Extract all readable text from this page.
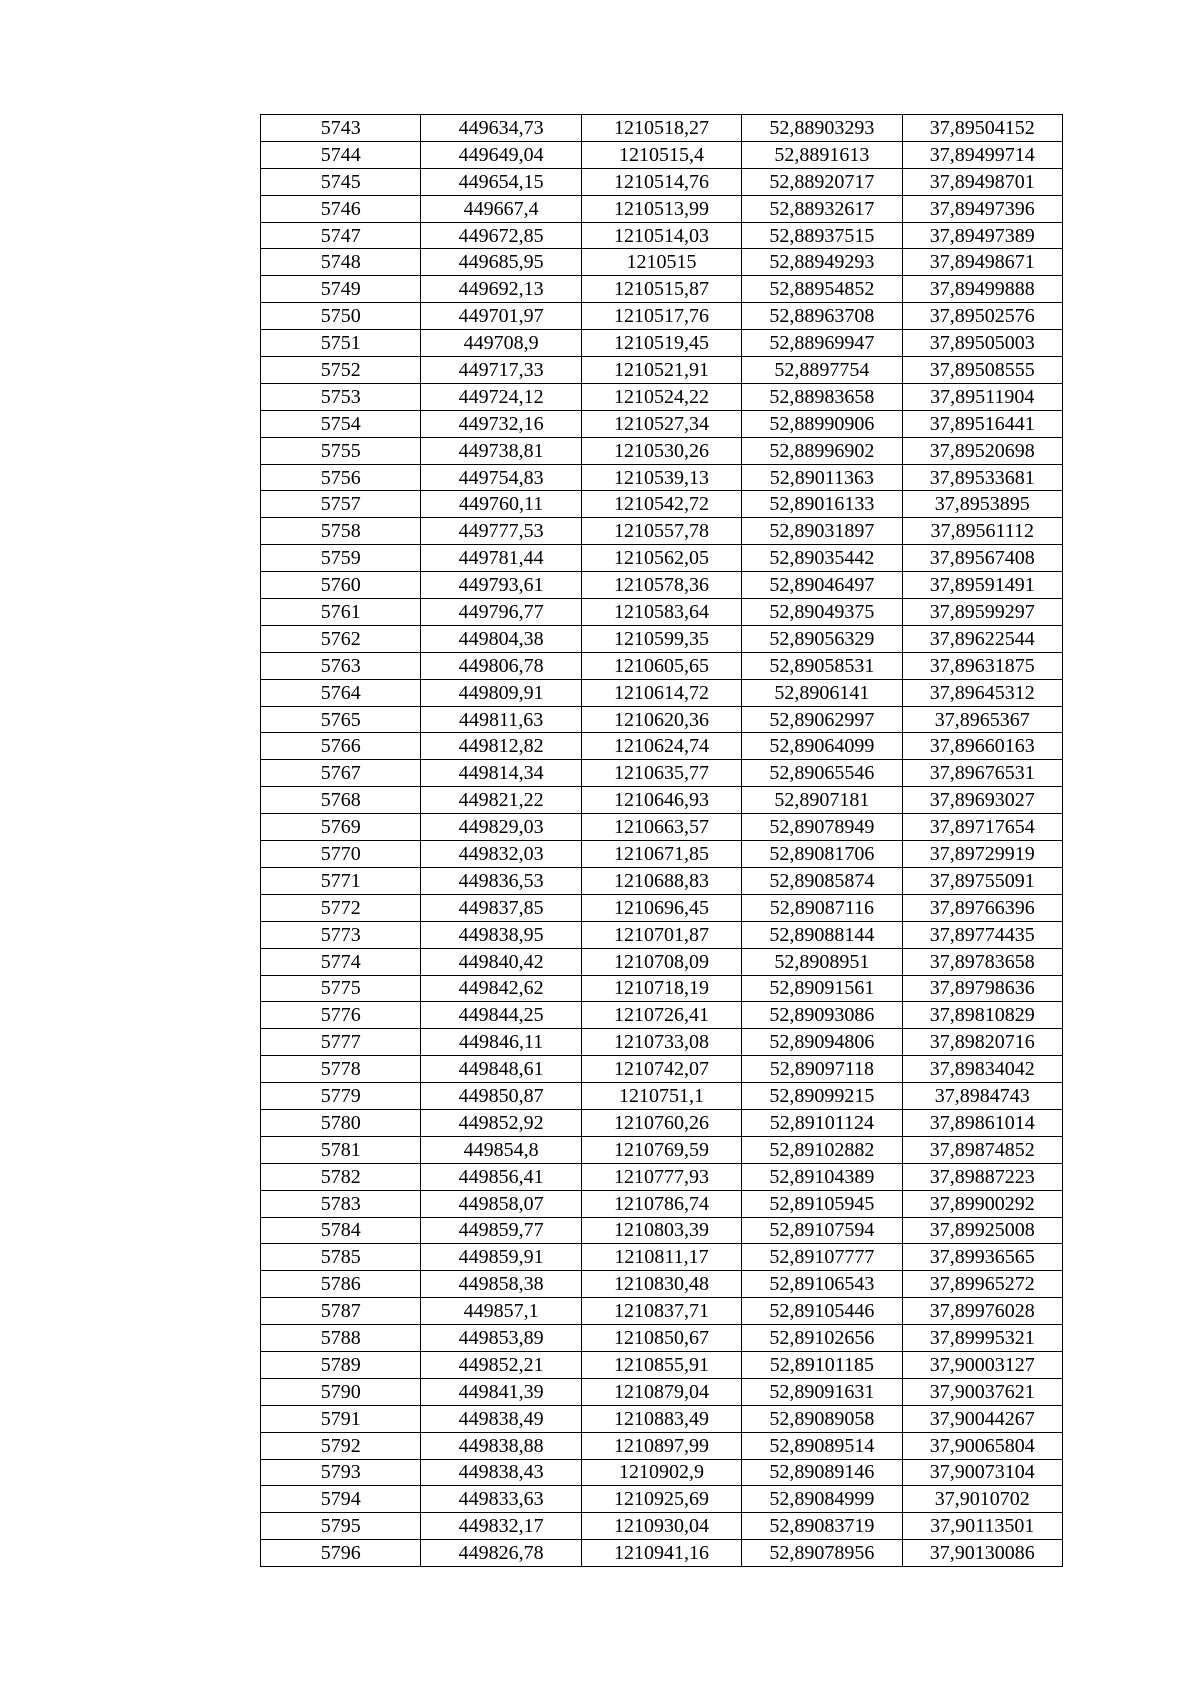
5743	449634,73	1210518,27	52,88903293	37,89504152
5744	449649,04	1210515,4	52,8891613	37,89499714
5745	449654,15	1210514,76	52,88920717	37,89498701
5746	449667,4	1210513,99	52,88932617	37,89497396
5747	449672,85	1210514,03	52,88937515	37,89497389
5748	449685,95	1210515	52,88949293	37,89498671
5749	449692,13	1210515,87	52,88954852	37,89499888
5750	449701,97	1210517,76	52,88963708	37,89502576
5751	449708,9	1210519,45	52,88969947	37,89505003
5752	449717,33	1210521,91	52,8897754	37,89508555
5753	449724,12	1210524,22	52,88983658	37,89511904
5754	449732,16	1210527,34	52,88990906	37,89516441
5755	449738,81	1210530,26	52,88996902	37,89520698
5756	449754,83	1210539,13	52,89011363	37,89533681
5757	449760,11	1210542,72	52,89016133	37,8953895
5758	449777,53	1210557,78	52,89031897	37,89561112
5759	449781,44	1210562,05	52,89035442	37,89567408
5760	449793,61	1210578,36	52,89046497	37,89591491
5761	449796,77	1210583,64	52,89049375	37,89599297
5762	449804,38	1210599,35	52,89056329	37,89622544
5763	449806,78	1210605,65	52,89058531	37,89631875
5764	449809,91	1210614,72	52,8906141	37,89645312
5765	449811,63	1210620,36	52,89062997	37,8965367
5766	449812,82	1210624,74	52,89064099	37,89660163
5767	449814,34	1210635,77	52,89065546	37,89676531
5768	449821,22	1210646,93	52,8907181	37,89693027
5769	449829,03	1210663,57	52,89078949	37,89717654
5770	449832,03	1210671,85	52,89081706	37,89729919
5771	449836,53	1210688,83	52,89085874	37,89755091
5772	449837,85	1210696,45	52,89087116	37,89766396
5773	449838,95	1210701,87	52,89088144	37,89774435
5774	449840,42	1210708,09	52,8908951	37,89783658
5775	449842,62	1210718,19	52,89091561	37,89798636
5776	449844,25	1210726,41	52,89093086	37,89810829
5777	449846,11	1210733,08	52,89094806	37,89820716
5778	449848,61	1210742,07	52,89097118	37,89834042
5779	449850,87	1210751,1	52,89099215	37,8984743
5780	449852,92	1210760,26	52,89101124	37,89861014
5781	449854,8	1210769,59	52,89102882	37,89874852
5782	449856,41	1210777,93	52,89104389	37,89887223
5783	449858,07	1210786,74	52,89105945	37,89900292
5784	449859,77	1210803,39	52,89107594	37,89925008
5785	449859,91	1210811,17	52,89107777	37,89936565
5786	449858,38	1210830,48	52,89106543	37,89965272
5787	449857,1	1210837,71	52,89105446	37,89976028
5788	449853,89	1210850,67	52,89102656	37,89995321
5789	449852,21	1210855,91	52,89101185	37,90003127
5790	449841,39	1210879,04	52,89091631	37,90037621
5791	449838,49	1210883,49	52,89089058	37,90044267
5792	449838,88	1210897,99	52,89089514	37,90065804
5793	449838,43	1210902,9	52,89089146	37,90073104
5794	449833,63	1210925,69	52,89084999	37,9010702
5795	449832,17	1210930,04	52,89083719	37,90113501
5796	449826,78	1210941,16	52,89078956	37,90130086
